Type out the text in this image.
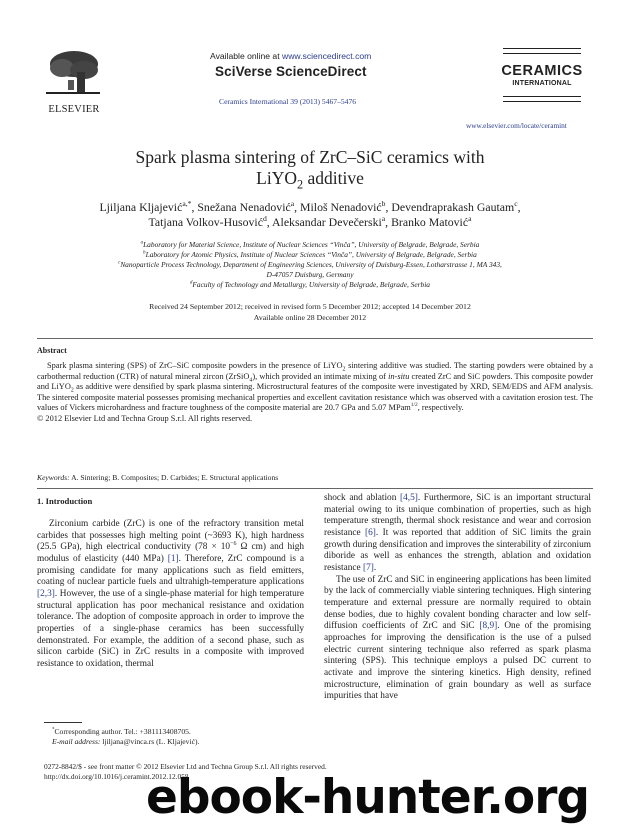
ELSEVIER
Available online at www.sciencedirect.com
SciVerse ScienceDirect
Ceramics International 39 (2013) 5467–5476
CERAMICS
INTERNATIONAL
www.elsevier.com/locate/ceramint
Spark plasma sintering of ZrC–SiC ceramics with
LiYO$_2$ additive
Ljiljana Kljajević$^{a,*}$, Snežana Nenadović$^a$, Miloš Nenadović$^b$, Devendraprakash Gautam$^c$,
Tatjana Volkov-Husović$^d$, Aleksandar Devečerski$^a$, Branko Matović$^a$
$^a$Laboratory for Material Science, Institute of Nuclear Sciences “Vinča”, University of Belgrade, Belgrade, Serbia
$^b$Laboratory for Atomic Physics, Institute of Nuclear Sciences “Vinča”, University of Belgrade, Belgrade, Serbia
$^c$Nanoparticle Process Technology, Department of Engineering Sciences, University of Duisburg-Essen, Lotharstrasse 1, MA 343,
D-47057 Duisburg, Germany
$^d$Faculty of Technology and Metallurgy, University of Belgrade, Belgrade, Serbia
Received 24 September 2012; received in revised form 5 December 2012; accepted 14 December 2012
Available online 28 December 2012
Abstract
Spark plasma sintering (SPS) of ZrC–SiC composite powders in the presence of LiYO$_2$ sintering additive was studied. The starting powders were obtained by a carbothermal reduction (CTR) of natural mineral zircon (ZrSiO$_4$), which provided an intimate mixing of in-situ created ZrC and SiC powders. This composite powder and LiYO$_2$ as additive were densified by spark plasma sintering. Microstructural features of the composite were investigated by XRD, SEM/EDS and AFM analysis. The sintered composite material possesses promising mechanical properties and excellent cavitation resistance which was observed with a cavitation erosion test. The values of Vickers microhardness and fracture toughness of the composite material are 20.7 GPa and 5.07 MPam$^{1/2}$, respectively.
© 2012 Elsevier Ltd and Techna Group S.r.l. All rights reserved.
Keywords: A. Sintering; B. Composites; D. Carbides; E. Structural applications
1. Introduction

Zirconium carbide (ZrC) is one of the refractory transition metal carbides that possesses high melting point (~3693 K), high hardness (25.5 GPa), high electrical conductivity ($78 \times 10^{-6}$ Ω cm) and high modulus of elasticity (440 MPa) [1]. Therefore, ZrC compound is a promising candidate for many applications such as field emitters, coating of nuclear particle fuels and ultrahigh-temperature applications [2,3]. However, the use of a single-phase material for high temperature structural application has poor mechanical resistance and oxidation tolerance. The adoption of composite approach in order to improve the properties of a single-phase ceramics has been successfully demonstrated. For example, the addition of a second phase, such as silicon carbide (SiC) in ZrC results in a composite with improved resistance to oxidation, thermal

shock and ablation [4,5]. Furthermore, SiC is an important structural material owing to its unique combination of properties, such as high temperature strength, thermal shock resistance and wear and corrosion resistance [6]. It was reported that addition of SiC limits the grain growth during densification and improves the sinterability of zirconium diboride as well as enhances the strength, ablation and oxidation resistance [7].

The use of ZrC and SiC in engineering applications has been limited by the lack of commercially viable sintering techniques. High sintering temperature and external pressure are normally required to obtain dense bodies, due to highly covalent bonding character and low self-diffusion coefficients of ZrC and SiC [8,9]. One of the promising approaches for improving the densification is the use of a pulsed electric current sintering technique also referred as spark plasma sintering (SPS). This technique employs a pulsed DC current to activate and improve the sintering kinetics. High density, refined microstructure, elimination of grain boundary as well as surface impurities that have

*Corresponding author. Tel.: +381113408705.
E-mail address: ljiljana@vinca.rs (L. Kljajević).
0272-8842/$ - see front matter © 2012 Elsevier Ltd and Techna Group S.r.l. All rights reserved.
http://dx.doi.org/10.1016/j.ceramint.2012.12.058
ebook-hunter.org
